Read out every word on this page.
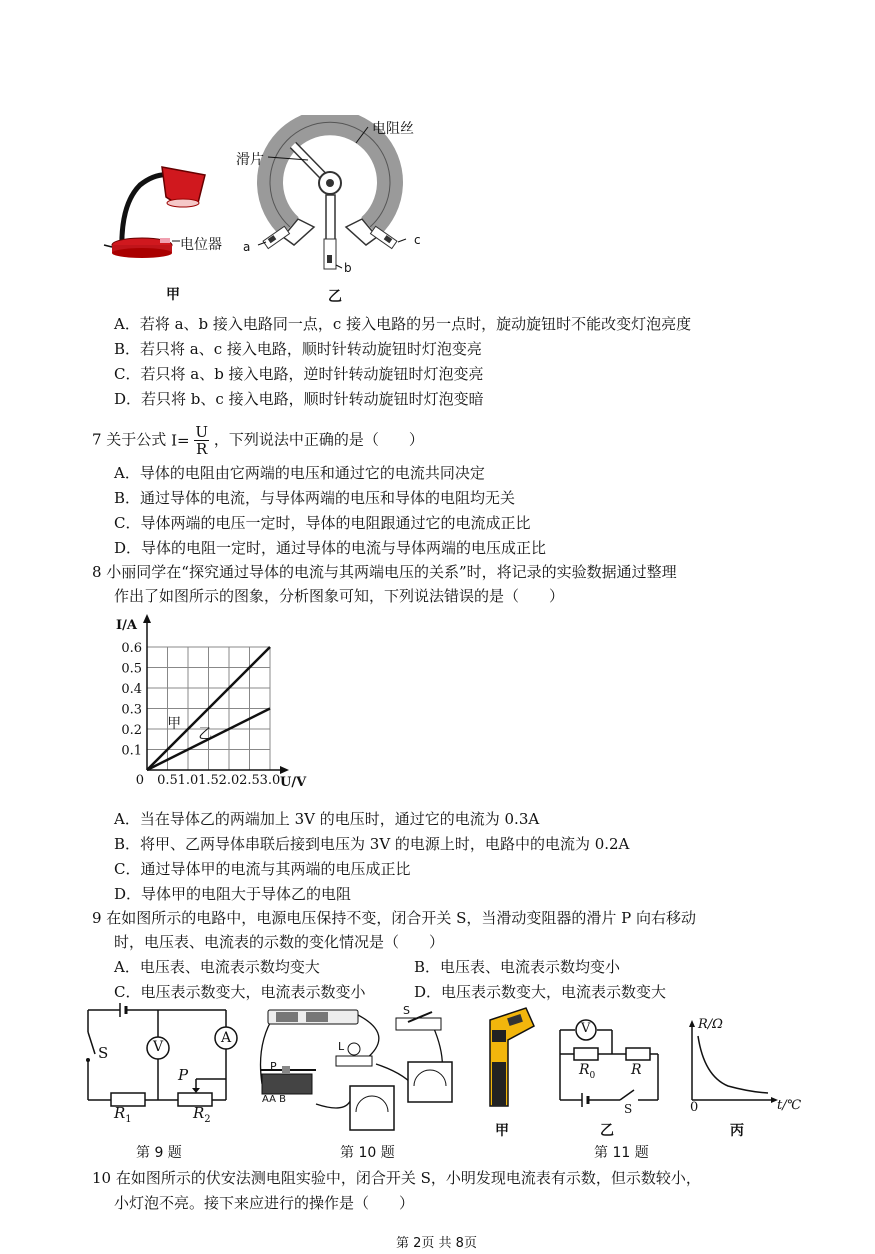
电位器
甲
电阻丝
滑片
a
b
c
乙
A．若将 a、b 接入电路同一点，c 接入电路的另一点时，旋动旋钮时不能改变灯泡亮度
B．若只将 a、c 接入电路，顺时针转动旋钮时灯泡变亮
C．若只将 a、b 接入电路，逆时针转动旋钮时灯泡变亮
D．若只将 b、c 接入电路，顺时针转动旋钮时灯泡变暗
7 关于公式 $I= \frac{U}{R}$ ，下列说法中正确的是（　　）
A．导体的电阻由它两端的电压和通过它的电流共同决定
B．通过导体的电流，与导体两端的电压和导体的电阻均无关
C．导体两端的电压一定时，导体的电阻跟通过它的电流成正比
D．导体的电阻一定时，通过导体的电流与导体两端的电压成正比
8 小丽同学在“探究通过导体的电流与其两端电压的关系”时，将记录的实验数据通过整理
作出了如图所示的图象，分析图象可知，下列说法错误的是（　　）
0.5 1.0 1.5 2.0 2.5 3.0
0.1
0.2
0.3
0.4
0.5
0.6
0
I/A
U/V
甲
乙
A．当在导体乙的两端加上 3V 的电压时，通过它的电流为 0.3A
B．将甲、乙两导体串联后接到电压为 3V 的电源上时，电路中的电流为 0.2A
C．通过导体甲的电流与其两端的电压成正比
D．导体甲的电阻大于导体乙的电阻
9 在如图所示的电路中，电源电压保持不变，闭合开关 S，当滑动变阻器的滑片 P 向右移动
时，电压表、电流表的示数的变化情况是（　　）
A．电压表、电流表示数均变大	B．电压表、电流表示数均变小
C．电压表示数变大，电流表示数变小	D．电压表示数变大，电流表示数变大
S	V
A
P
$R_1$	$R_2$
第 9 题
L
S
P
AA B
第 10 题
甲
V
$R_0$	R
S
乙
第 11 题
R/Ω
t/℃
0
丙
10 在如图所示的伏安法测电阻实验中，闭合开关 S，小明发现电流表有示数，但示数较小，
小灯泡不亮。接下来应进行的操作是（　　）
第 2页 共 8页
